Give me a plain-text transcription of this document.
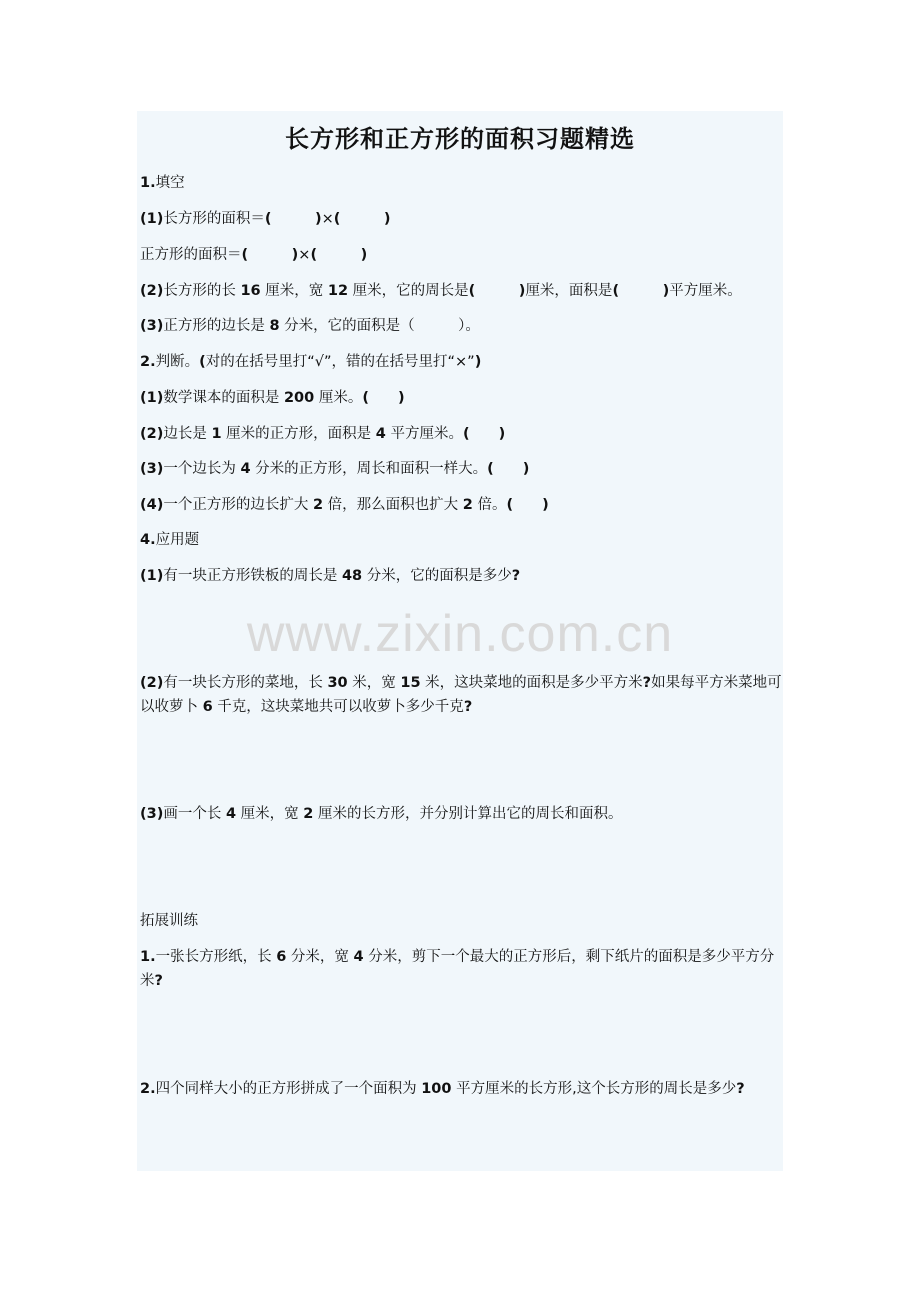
长方形和正方形的面积习题精选
1.填空
(1)长方形的面积＝(　　　	)×(　　　	)
正方形的面积＝(　　　	)×(　　　	)
(2)长方形的长 16 厘米，宽 12 厘米，它的周长是(　　　	)厘米，面积是(　　　	)平方厘米。
(3)正方形的边长是 8 分米，它的面积是（　　　）。
2.判断。(对的在括号里打“√”，错的在括号里打“×”)
(1)数学课本的面积是 200 厘米。(　　 )
(2)边长是 1 厘米的正方形，面积是 4 平方厘米。(　　 )
(3)一个边长为 4 分米的正方形，周长和面积一样大。(　　 )
(4)一个正方形的边长扩大 2 倍，那么面积也扩大 2 倍。(　　 )
4.应用题
(1)有一块正方形铁板的周长是 48 分米，它的面积是多少?
www.zixin.com.cn
(2)有一块长方形的菜地，长 30 米，宽 15 米，这块菜地的面积是多少平方米?如果每平方米菜地可以收萝卜 6 千克，这块菜地共可以收萝卜多少千克?
(3)画一个长 4 厘米，宽 2 厘米的长方形，并分别计算出它的周长和面积。
拓展训练
1.一张长方形纸，长 6 分米，宽 4 分米，剪下一个最大的正方形后，剩下纸片的面积是多少平方分米?
2.四个同样大小的正方形拼成了一个面积为 100 平方厘米的长方形,这个长方形的周长是多少?
